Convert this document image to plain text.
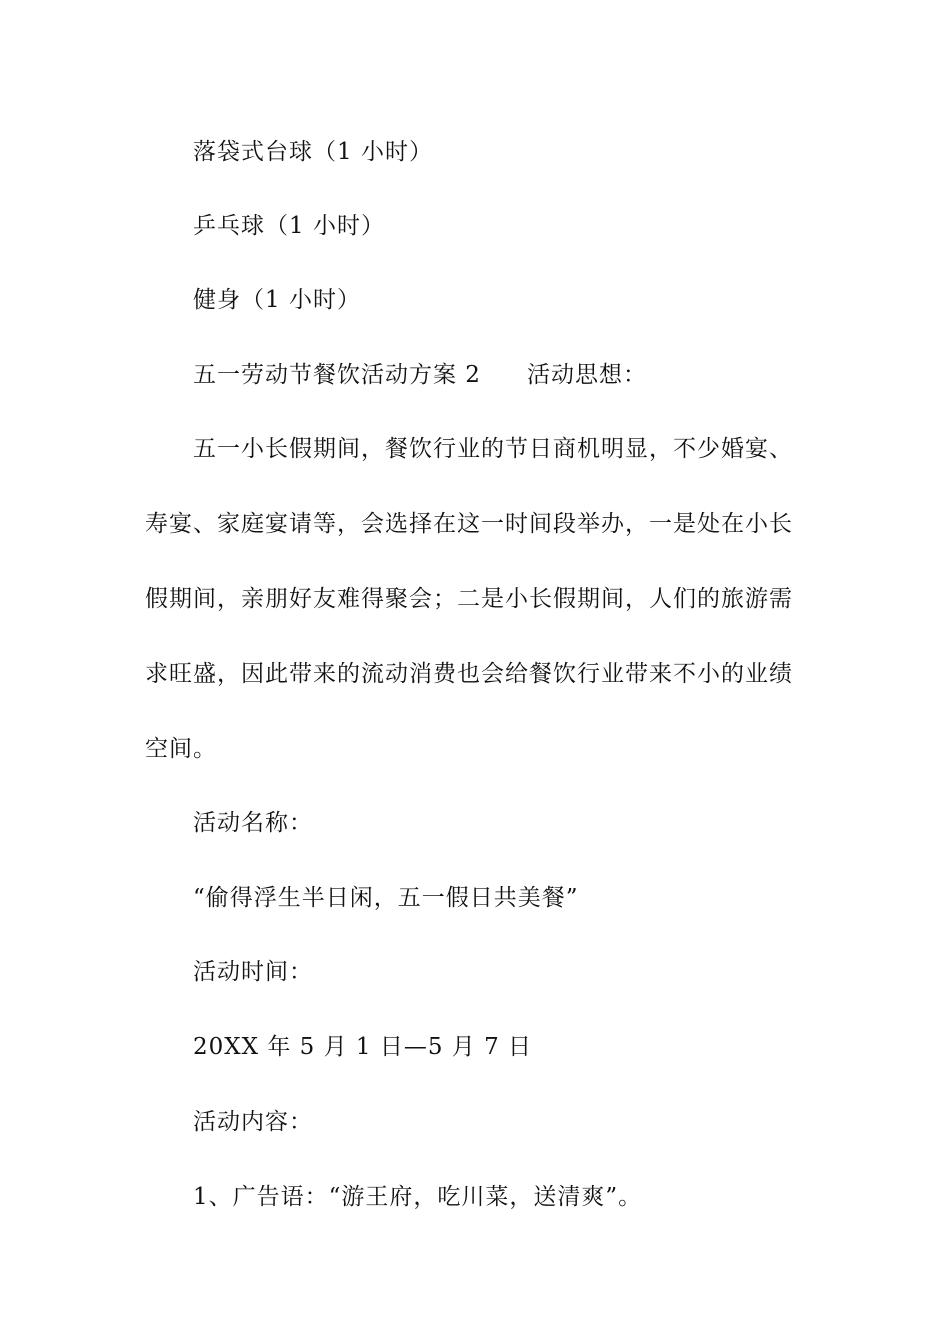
落袋式台球（1 小时）
乒乓球（1 小时）
健身（1 小时）
五一劳动节餐饮活动方案 2 活动思想：
五一小长假期间，餐饮行业的节日商机明显，不少婚宴、
寿宴、家庭宴请等，会选择在这一时间段举办，一是处在小长
假期间，亲朋好友难得聚会；二是小长假期间，人们的旅游需
求旺盛，因此带来的流动消费也会给餐饮行业带来不小的业绩
空间。
活动名称：
“偷得浮生半日闲，五一假日共美餐”
活动时间：
20XX 年 5 月 1 日—5 月 7 日
活动内容：
1、广告语：“游王府，吃川菜，送清爽”。
